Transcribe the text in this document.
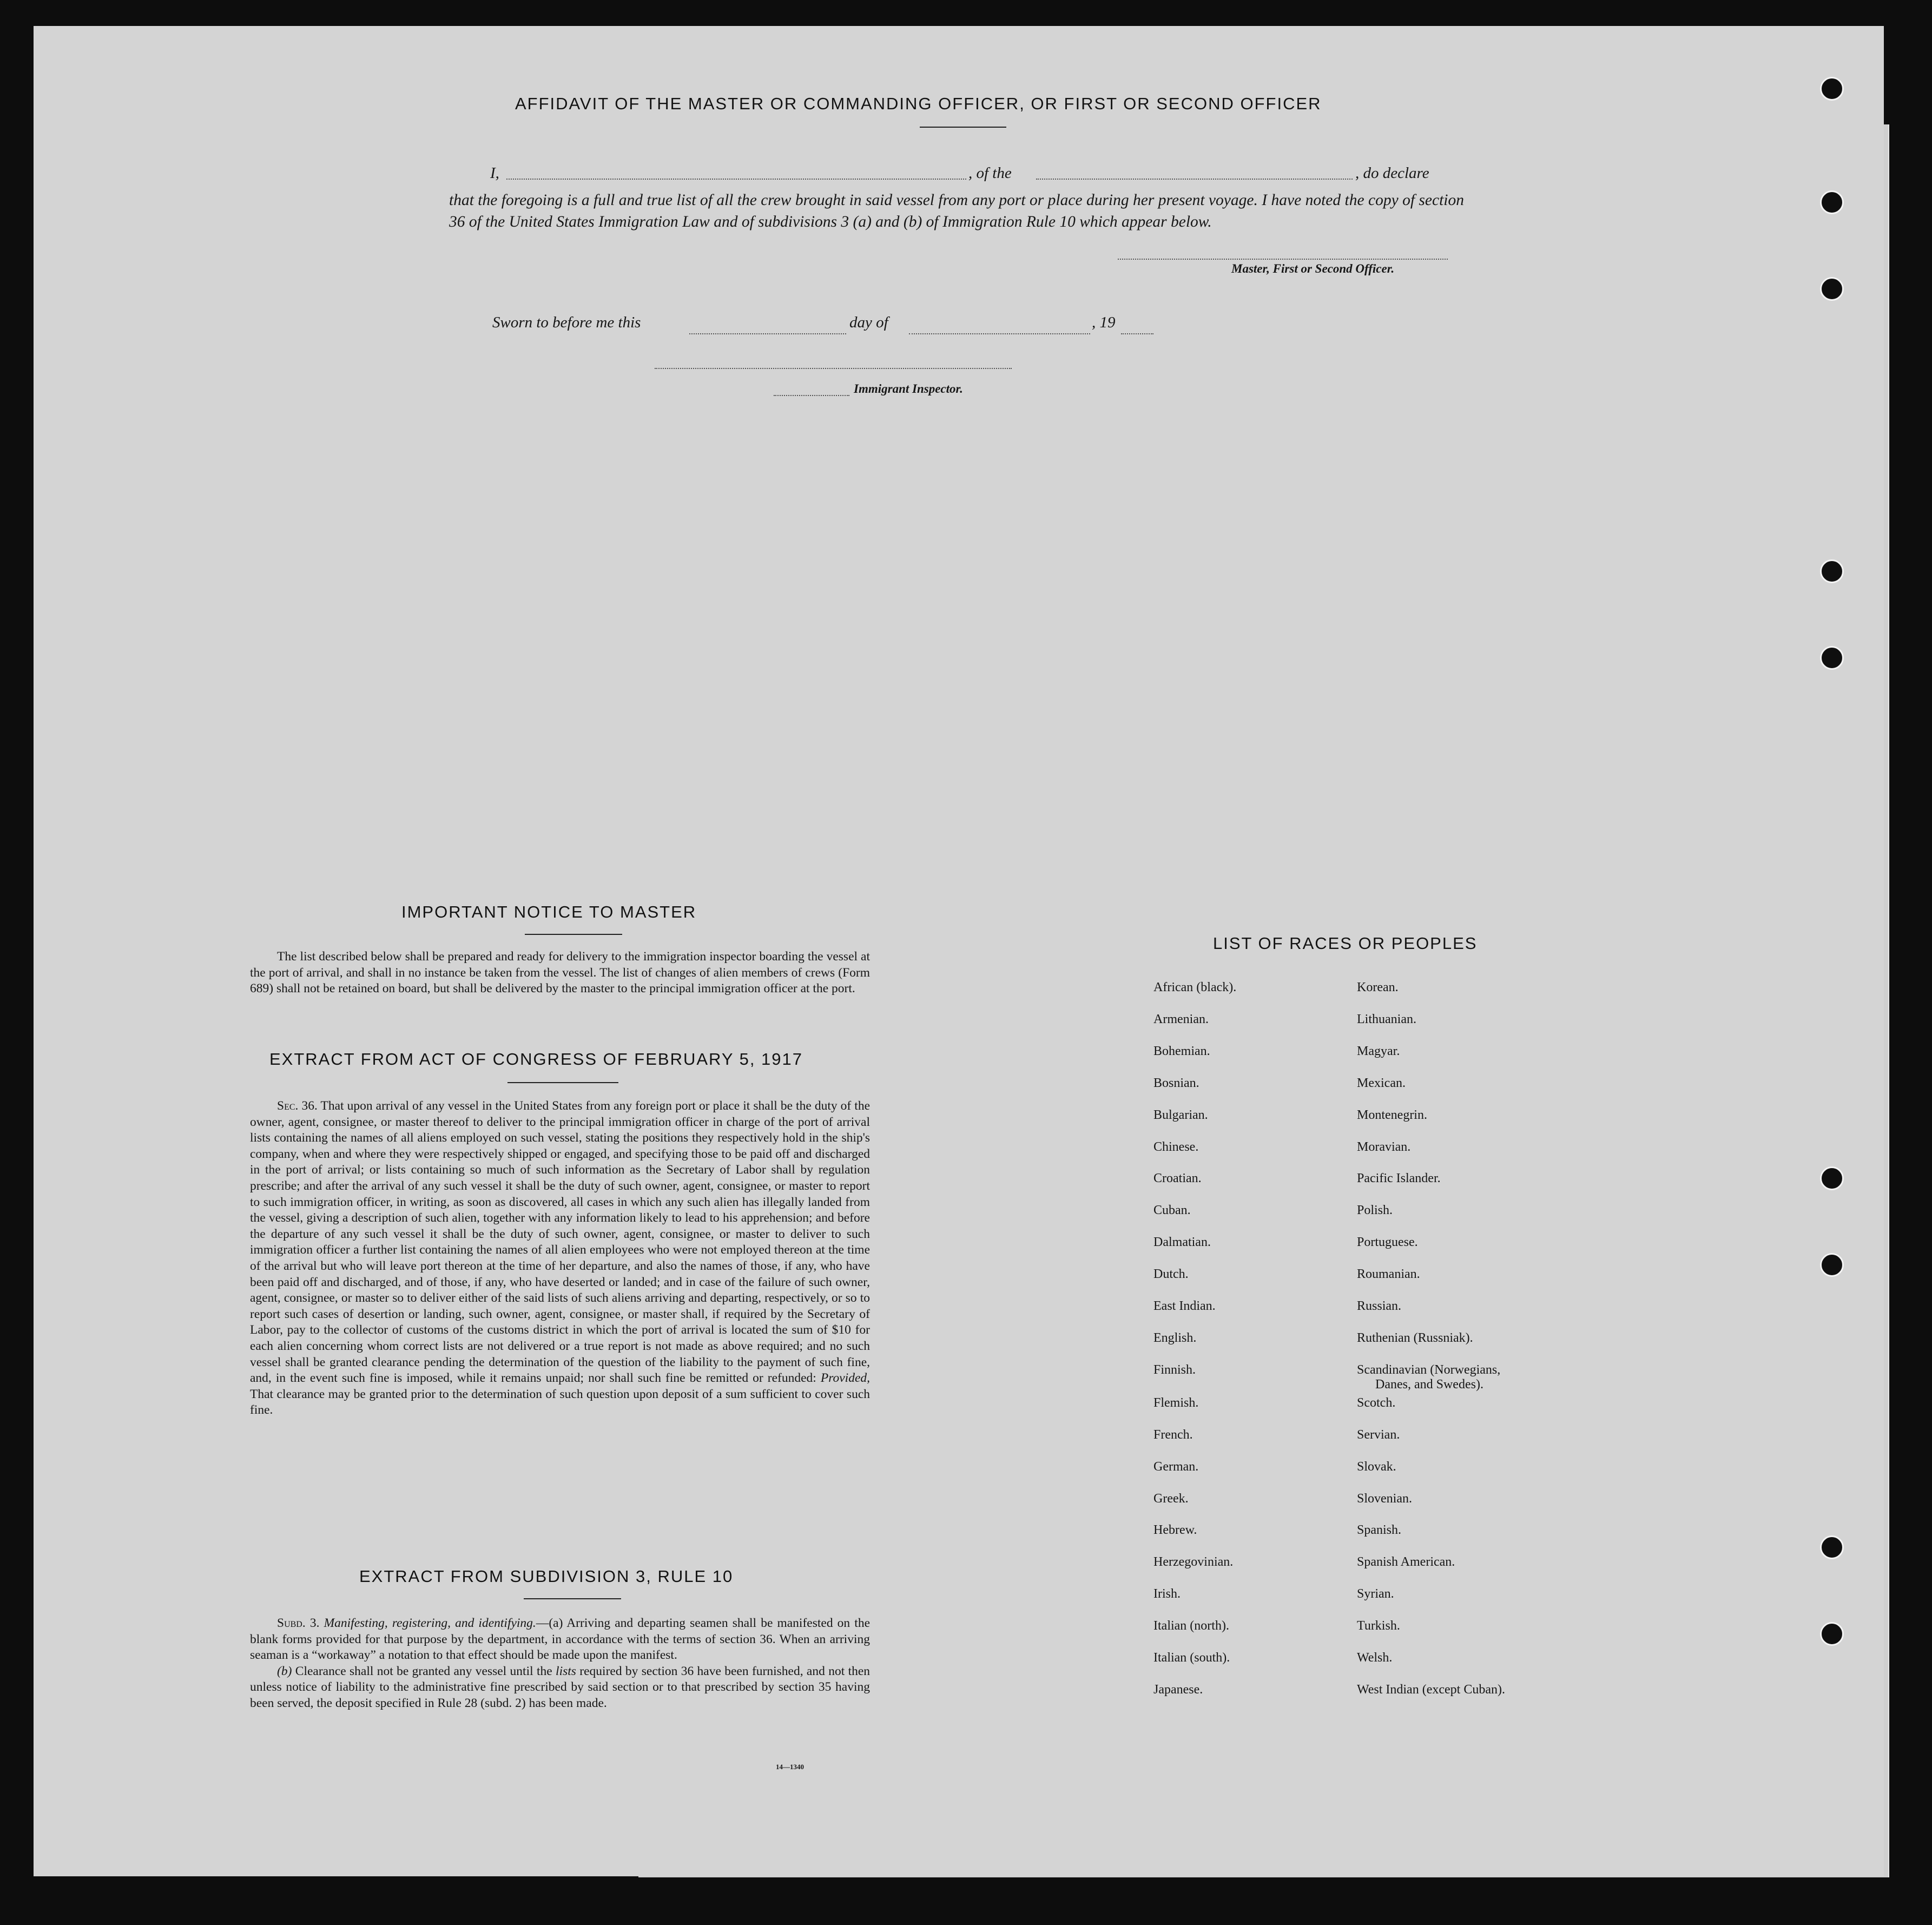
AFFIDAVIT OF THE MASTER OR COMMANDING OFFICER, OR FIRST OR SECOND OFFICER
I,	, of the	, do declare
that the foregoing is a full and true list of all the crew brought in said vessel from any port or place during her present voyage. I have noted the copy of section 36 of the United States Immigration Law and of subdivisions 3 (a) and (b) of Immigration Rule 10 which appear below.
Master, First or Second Officer.
Sworn to before me this	day of	, 19
Immigrant Inspector.
IMPORTANT NOTICE TO MASTER

The list described below shall be prepared and ready for delivery to the immigration inspector boarding the vessel at the port of arrival, and shall in no instance be taken from the vessel. The list of changes of alien members of crews (Form 689) shall not be retained on board, but shall be delivered by the master to the principal immigration officer at the port.

EXTRACT FROM ACT OF CONGRESS OF FEBRUARY 5, 1917

Sec. 36. That upon arrival of any vessel in the United States from any foreign port or place it shall be the duty of the owner, agent, consignee, or master thereof to deliver to the principal immigration officer in charge of the port of arrival lists containing the names of all aliens employed on such vessel, stating the positions they respectively hold in the ship's company, when and where they were respectively shipped or engaged, and specifying those to be paid off and discharged in the port of arrival; or lists containing so much of such information as the Secretary of Labor shall by regulation prescribe; and after the arrival of any such vessel it shall be the duty of such owner, agent, consignee, or master to report to such immigration officer, in writing, as soon as discovered, all cases in which any such alien has illegally landed from the vessel, giving a description of such alien, together with any information likely to lead to his apprehension; and before the departure of any such vessel it shall be the duty of such owner, agent, consignee, or master to deliver to such immigration officer a further list containing the names of all alien employees who were not employed thereon at the time of the arrival but who will leave port thereon at the time of her departure, and also the names of those, if any, who have been paid off and discharged, and of those, if any, who have deserted or landed; and in case of the failure of such owner, agent, consignee, or master so to deliver either of the said lists of such aliens arriving and departing, respectively, or so to report such cases of desertion or landing, such owner, agent, consignee, or master shall, if required by the Secretary of Labor, pay to the collector of customs of the customs district in which the port of arrival is located the sum of $10 for each alien concerning whom correct lists are not delivered or a true report is not made as above required; and no such vessel shall be granted clearance pending the determination of the question of the liability to the payment of such fine, and, in the event such fine is imposed, while it remains unpaid; nor shall such fine be remitted or refunded: Provided, That clearance may be granted prior to the determination of such question upon deposit of a sum sufficient to cover such fine.

EXTRACT FROM SUBDIVISION 3, RULE 10

Subd. 3. Manifesting, registering, and identifying.—(a) Arriving and departing seamen shall be manifested on the blank forms provided for that purpose by the department, in accordance with the terms of section 36. When an arriving seaman is a “workaway” a notation to that effect should be made upon the manifest.

(b) Clearance shall not be granted any vessel until the lists required by section 36 have been furnished, and not then unless notice of liability to the administrative fine prescribed by said section or to that prescribed by section 35 having been served, the deposit specified in Rule 28 (subd. 2) has been made.

14—1340
LIST OF RACES OR PEOPLES
African (black).	Korean.
Armenian.	Lithuanian.
Bohemian.	Magyar.
Bosnian.	Mexican.
Bulgarian.	Montenegrin.
Chinese.	Moravian.
Croatian.	Pacific Islander.
Cuban.	Polish.
Dalmatian.	Portuguese.
Dutch.	Roumanian.
East Indian.	Russian.
English.	Ruthenian (Russniak).
Finnish.	Scandinavian (Norwegians,
Danes, and Swedes).
Flemish.	Scotch.
French.	Servian.
German.	Slovak.
Greek.	Slovenian.
Hebrew.	Spanish.
Herzegovinian.	Spanish American.
Irish.	Syrian.
Italian (north).	Turkish.
Italian (south).	Welsh.
Japanese.	West Indian (except Cuban).
